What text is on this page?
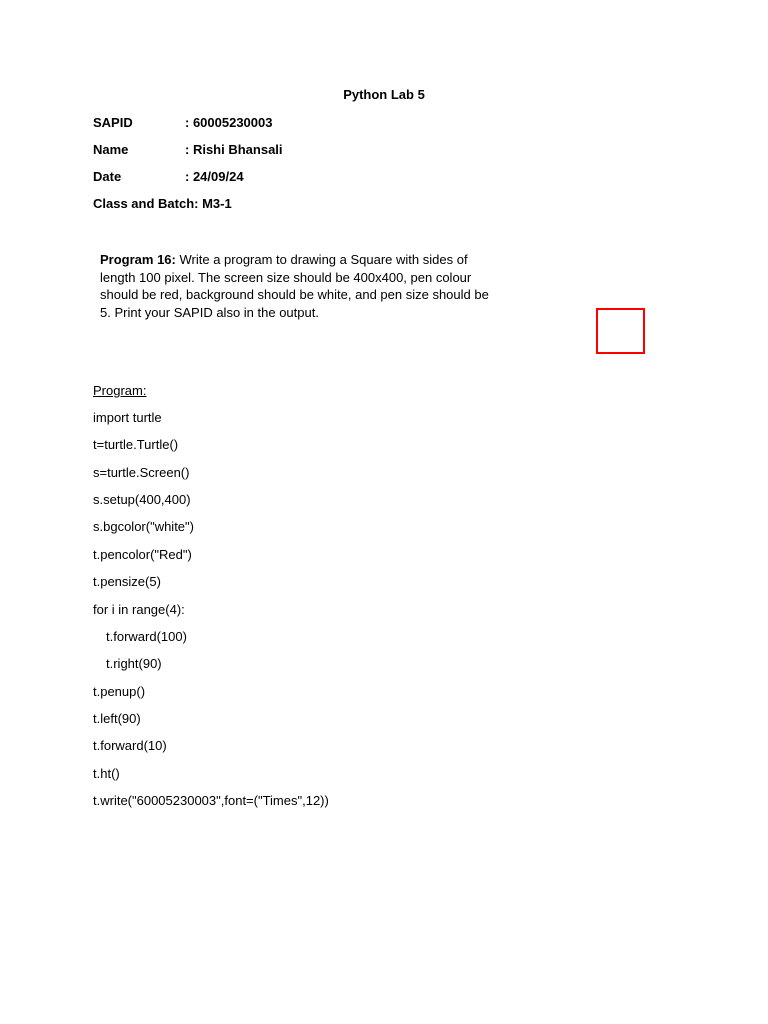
Python Lab 5
SAPID	: 60005230003
Name	: Rishi Bhansali
Date	: 24/09/24
Class and Batch: M3-1
Program 16: Write a program to drawing a Square with sides of length 100 pixel. The screen size should be 400x400, pen colour should be red, background should be white, and pen size should be 5. Print your SAPID also in the output.
Program:
import turtle
t=turtle.Turtle()
s=turtle.Screen()
s.setup(400,400)
s.bgcolor("white")
t.pencolor("Red")
t.pensize(5)
for i in range(4):
t.forward(100)
t.right(90)
t.penup()
t.left(90)
t.forward(10)
t.ht()
t.write("60005230003",font=("Times",12))
